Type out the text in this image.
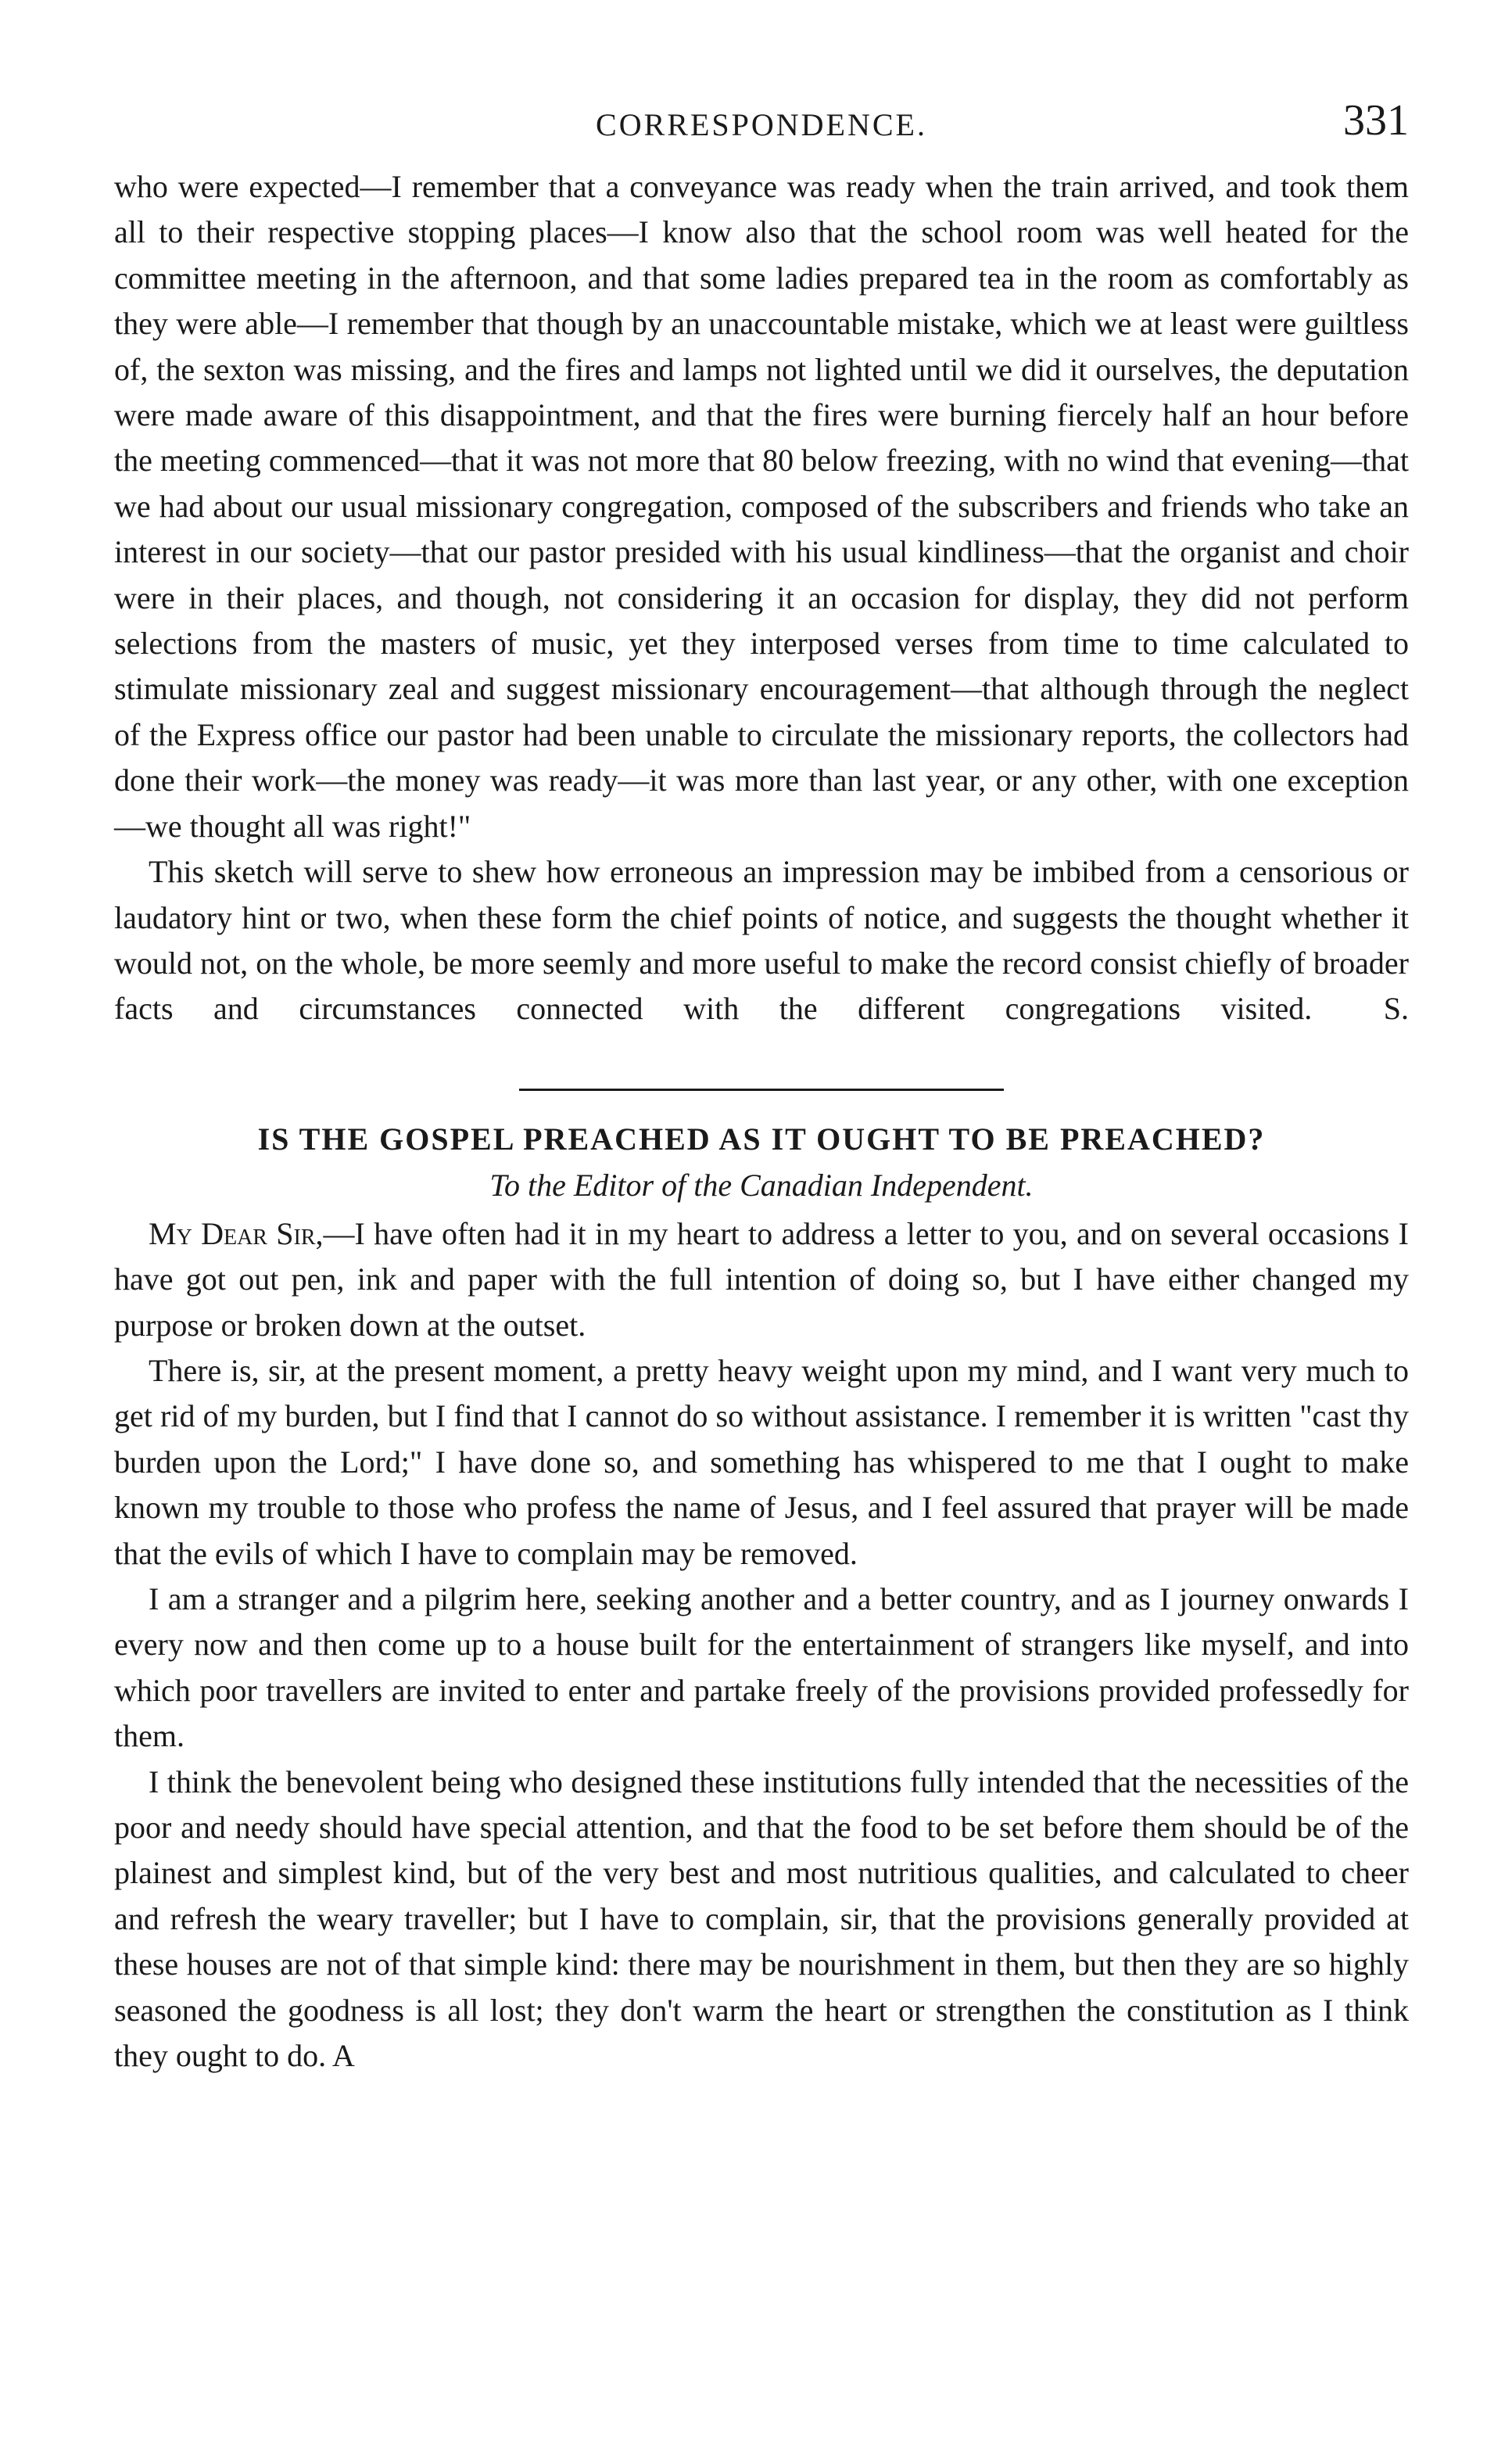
CORRESPONDENCE.	331

who were expected—I remember that a conveyance was ready when the train arrived, and took them all to their respective stopping places—I know also that the school room was well heated for the committee meeting in the afternoon, and that some ladies prepared tea in the room as comfortably as they were able—I remember that though by an unaccountable mistake, which we at least were guiltless of, the sexton was missing, and the fires and lamps not lighted until we did it ourselves, the deputation were made aware of this disappointment, and that the fires were burning fiercely half an hour before the meeting commenced—that it was not more that 80 below freezing, with no wind that evening—that we had about our usual missionary congregation, composed of the subscribers and friends who take an interest in our society—that our pastor presided with his usual kindliness—that the organist and choir were in their places, and though, not considering it an occasion for display, they did not perform selections from the masters of music, yet they interposed verses from time to time calculated to stimulate missionary zeal and suggest missionary encouragement—that although through the neglect of the Express office our pastor had been unable to circulate the missionary reports, the collectors had done their work—the money was ready—it was more than last year, or any other, with one exception—we thought all was right!"

This sketch will serve to shew how erroneous an impression may be imbibed from a censorious or laudatory hint or two, when these form the chief points of notice, and suggests the thought whether it would not, on the whole, be more seemly and more useful to make the record consist chiefly of broader facts and circumstances connected with the different congregations visited. S.

IS THE GOSPEL PREACHED AS IT OUGHT TO BE PREACHED?

To the Editor of the Canadian Independent.

My Dear Sir,—I have often had it in my heart to address a letter to you, and on several occasions I have got out pen, ink and paper with the full intention of doing so, but I have either changed my purpose or broken down at the outset.

There is, sir, at the present moment, a pretty heavy weight upon my mind, and I want very much to get rid of my burden, but I find that I cannot do so without assistance. I remember it is written "cast thy burden upon the Lord;" I have done so, and something has whispered to me that I ought to make known my trouble to those who profess the name of Jesus, and I feel assured that prayer will be made that the evils of which I have to complain may be removed.

I am a stranger and a pilgrim here, seeking another and a better country, and as I journey onwards I every now and then come up to a house built for the entertainment of strangers like myself, and into which poor travellers are invited to enter and partake freely of the provisions provided professedly for them.

I think the benevolent being who designed these institutions fully intended that the necessities of the poor and needy should have special attention, and that the food to be set before them should be of the plainest and simplest kind, but of the very best and most nutritious qualities, and calculated to cheer and refresh the weary traveller; but I have to complain, sir, that the provisions generally provided at these houses are not of that simple kind: there may be nourishment in them, but then they are so highly seasoned the goodness is all lost; they don't warm the heart or strengthen the constitution as I think they ought to do. A
